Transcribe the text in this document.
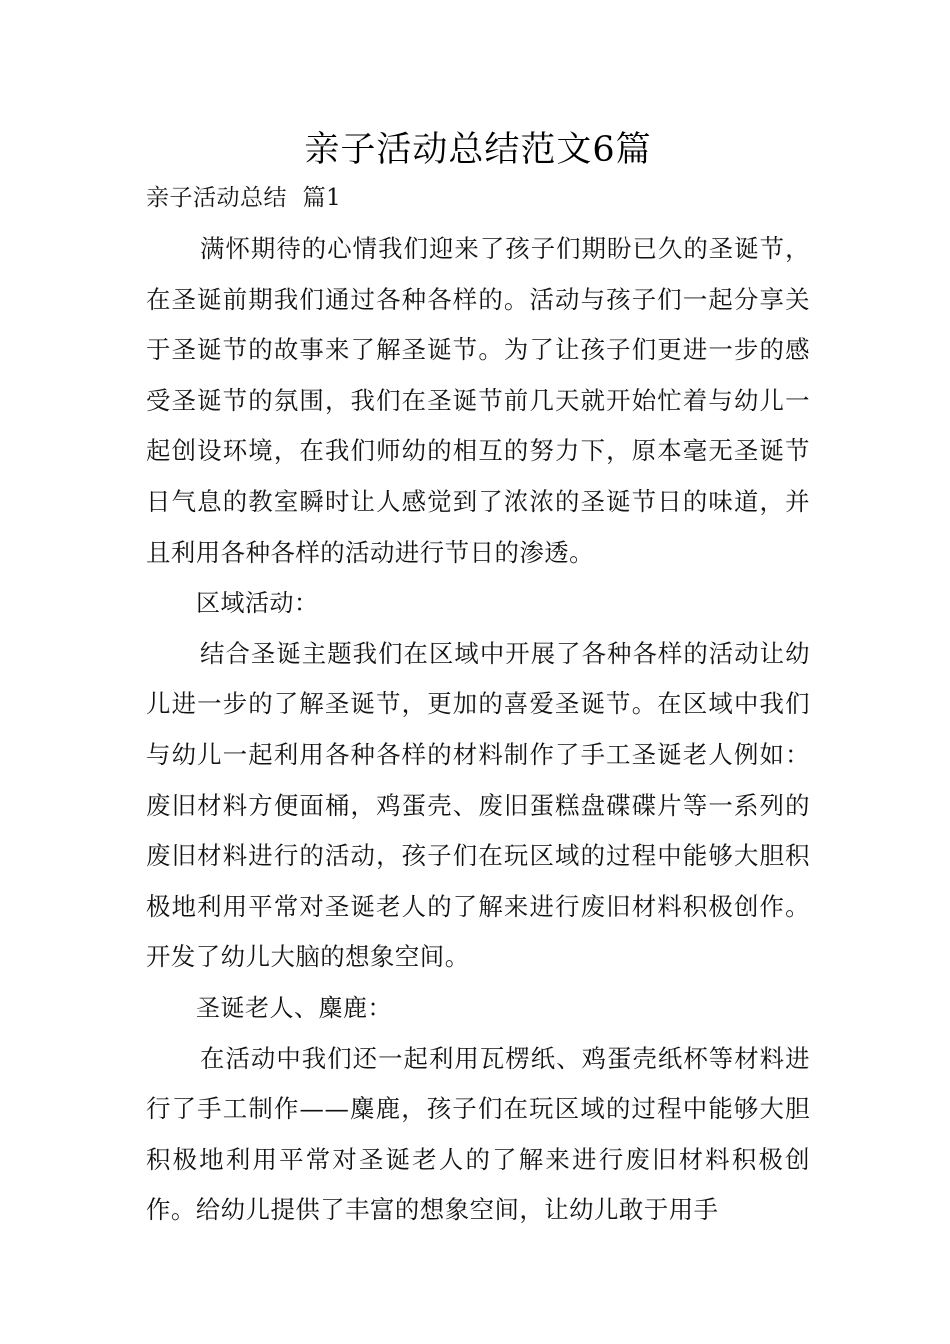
亲子活动总结范文6篇
亲子活动总结  篇1

满怀期待的心情我们迎来了孩子们期盼已久的圣诞节，在圣诞前期我们通过各种各样的。活动与孩子们一起分享关于圣诞节的故事来了解圣诞节。为了让孩子们更进一步的感受圣诞节的氛围，我们在圣诞节前几天就开始忙着与幼儿一起创设环境，在我们师幼的相互的努力下，原本毫无圣诞节日气息的教室瞬时让人感觉到了浓浓的圣诞节日的味道，并且利用各种各样的活动进行节日的渗透。

区域活动：

结合圣诞主题我们在区域中开展了各种各样的活动让幼儿进一步的了解圣诞节，更加的喜爱圣诞节。在区域中我们与幼儿一起利用各种各样的材料制作了手工圣诞老人例如：废旧材料方便面桶，鸡蛋壳、废旧蛋糕盘碟碟片等一系列的废旧材料进行的活动，孩子们在玩区域的过程中能够大胆积极地利用平常对圣诞老人的了解来进行废旧材料积极创作。开发了幼儿大脑的想象空间。

圣诞老人、麋鹿：

在活动中我们还一起利用瓦楞纸、鸡蛋壳纸杯等材料进行了手工制作——麋鹿，孩子们在玩区域的过程中能够大胆积极地利用平常对圣诞老人的了解来进行废旧材料积极创作。给幼儿提供了丰富的想象空间，让幼儿敢于用手
